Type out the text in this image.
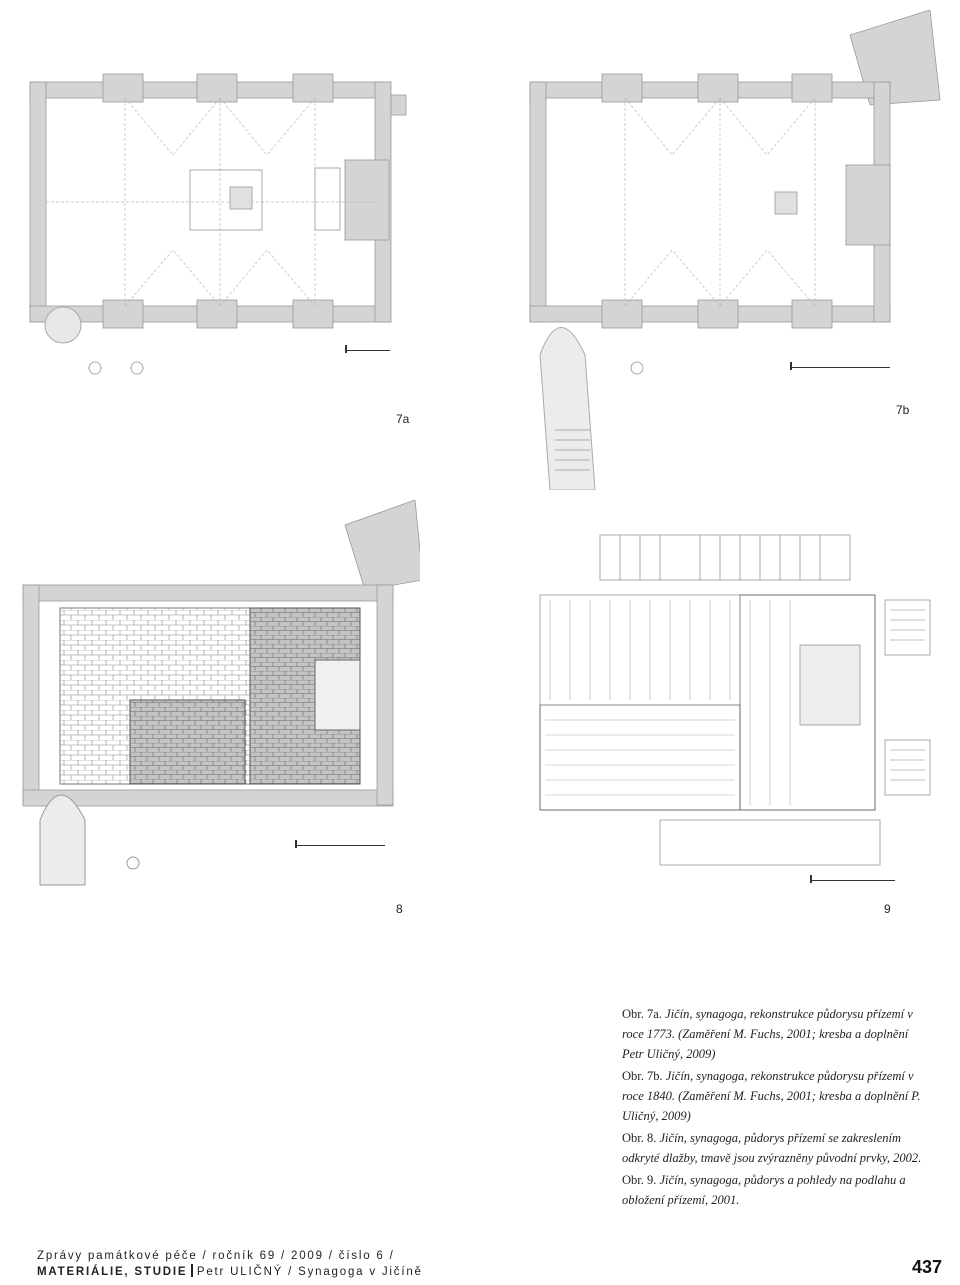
7a
7b
8	9

Obr. 7a. Jičín, synagoga, rekonstrukce půdorysu přízemí v roce 1773. (Zaměření M. Fuchs, 2001; kresba a doplnění Petr Uličný, 2009)

Obr. 7b. Jičín, synagoga, rekonstrukce půdorysu přízemí v roce 1840. (Zaměření M. Fuchs, 2001; kresba a doplnění P. Uličný, 2009)

Obr. 8. Jičín, synagoga, půdorys přízemí se zakreslením odkryté dlažby, tmavě jsou zvýrazněny původní prvky, 2002.

Obr. 9. Jičín, synagoga, půdorys a pohledy na podlahu a obložení přízemí, 2001.

Zprávy památkové péče / ročník 69 / 2009 / číslo 6 /
MATERIÁLIE, STUDIE Petr ULIČNÝ / Synagoga v Jičíně	437
